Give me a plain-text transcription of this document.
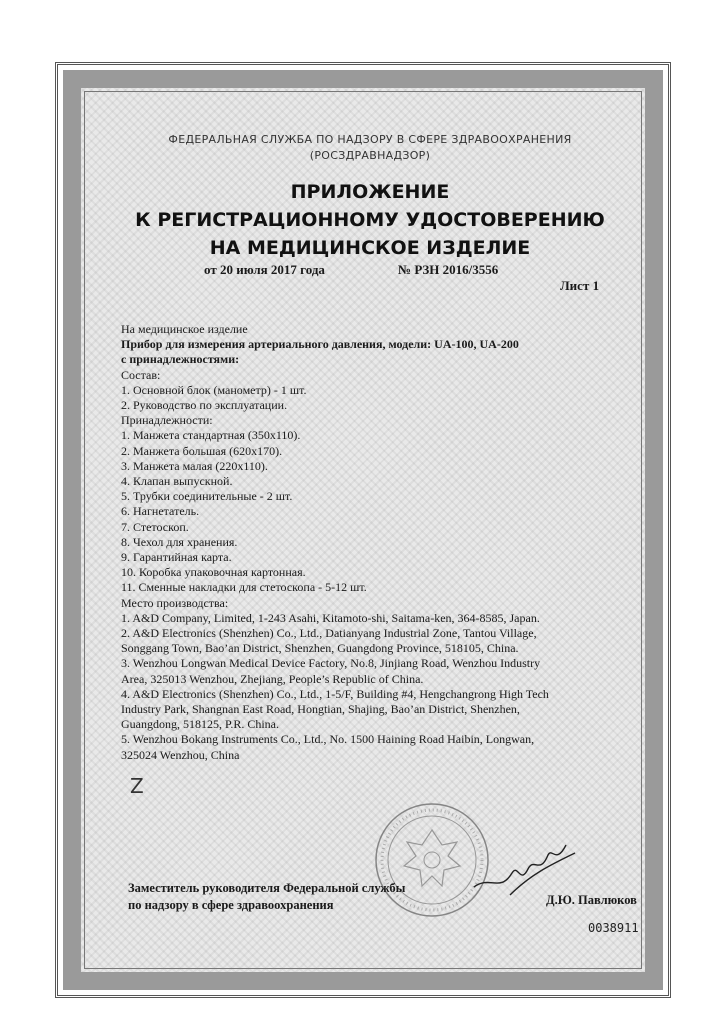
ФЕДЕРАЛЬНАЯ СЛУЖБА ПО НАДЗОРУ В СФЕРЕ ЗДРАВООХРАНЕНИЯ
(РОСЗДРАВНАДЗОР)
ПРИЛОЖЕНИЕ
К РЕГИСТРАЦИОННОМУ УДОСТОВЕРЕНИЮ
НА МЕДИЦИНСКОЕ ИЗДЕЛИЕ
от 20 июля 2017 года	№ РЗН 2016/3556
Лист 1
На медицинское изделие
Прибор для измерения артериального давления, модели: UA-100, UA-200
с принадлежностями:
Состав:
1. Основной блок (манометр) - 1 шт.
2. Руководство по эксплуатации.
Принадлежности:
1. Манжета стандартная (350x110).
2. Манжета большая (620x170).
3. Манжета малая (220x110).
4. Клапан выпускной.
5. Трубки соединительные - 2 шт.
6. Нагнетатель.
7. Стетоскоп.
8. Чехол для хранения.
9. Гарантийная карта.
10. Коробка упаковочная картонная.
11. Сменные накладки для стетоскопа - 5-12 шт.
Место производства:
1. A&D Company, Limited, 1-243 Asahi, Kitamoto-shi, Saitama-ken, 364-8585, Japan.
2. A&D Electronics (Shenzhen) Co., Ltd., Datianyang Industrial Zone, Tantou Village,
Songgang Town, Bao’an District, Shenzhen, Guangdong Province, 518105, China.
3. Wenzhou Longwan Medical Device Factory, No.8, Jinjiang Road, Wenzhou Industry
Area, 325013 Wenzhou, Zhejiang, People’s Republic of China.
4. A&D Electronics (Shenzhen) Co., Ltd., 1-5/F, Building #4, Hengchangrong High Tech
Industry Park, Shangnan East Road, Hongtian, Shajing, Bao’an District, Shenzhen,
Guangdong, 518125, P.R. China.
5. Wenzhou Bokang Instruments Co., Ltd., No. 1500 Haining Road Haibin, Longwan,
325024 Wenzhou, China
Z
Заместитель руководителя Федеральной службы
по надзору в сфере здравоохранения	Д.Ю. Павлюков
0038911
